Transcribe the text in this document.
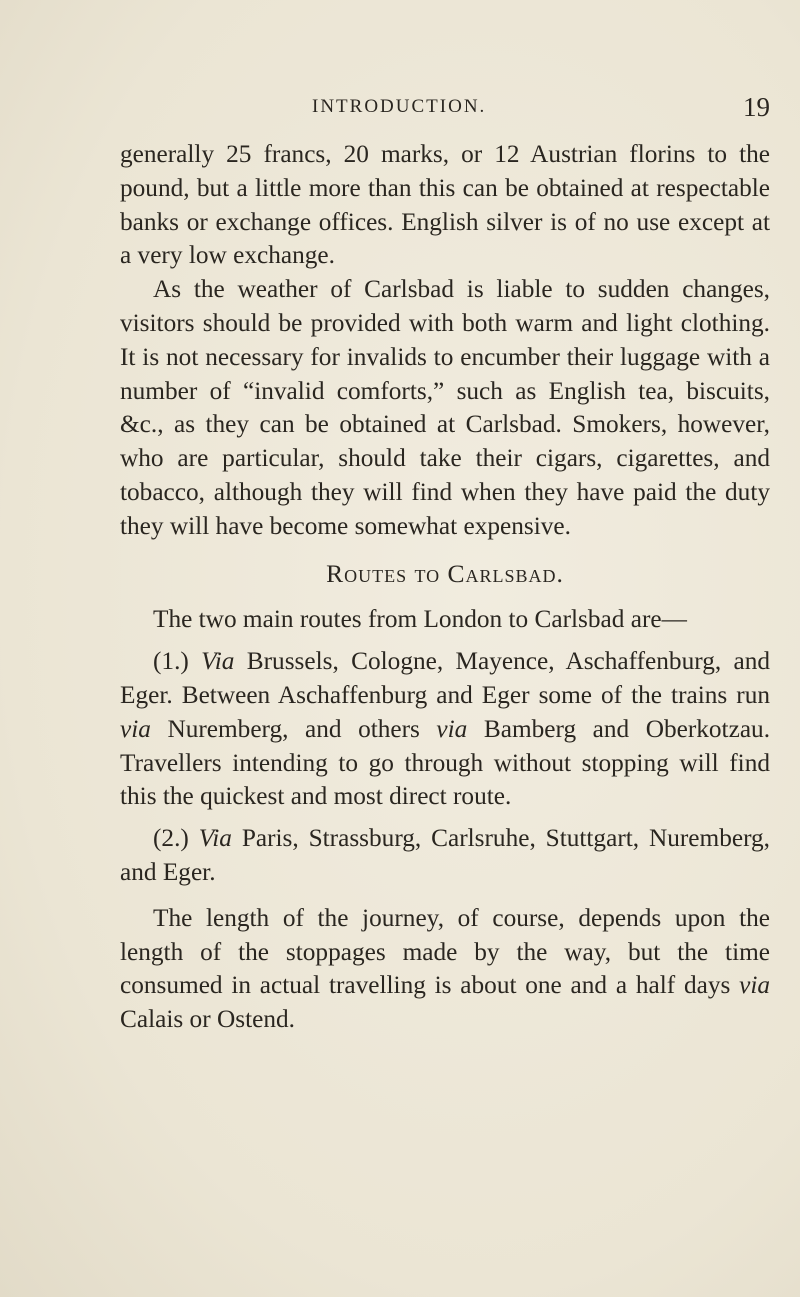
INTRODUCTION.	19

generally 25 francs, 20 marks, or 12 Austrian florins to the pound, but a little more than this can be obtained at respectable banks or exchange offices. English silver is of no use except at a very low exchange.

As the weather of Carlsbad is liable to sudden changes, visitors should be provided with both warm and light clothing. It is not necessary for invalids to encumber their luggage with a number of “invalid comforts,” such as English tea, biscuits, &c., as they can be obtained at Carlsbad. Smokers, however, who are particular, should take their cigars, cigarettes, and tobacco, although they will find when they have paid the duty they will have become somewhat expensive.

Routes to Carlsbad.

The two main routes from London to Carlsbad are—

(1.) Via Brussels, Cologne, Mayence, Aschaffenburg, and Eger. Between Aschaffenburg and Eger some of the trains run via Nuremberg, and others via Bamberg and Oberkotzau. Travellers intending to go through without stopping will find this the quickest and most direct route.

(2.) Via Paris, Strassburg, Carlsruhe, Stuttgart, Nuremberg, and Eger.

The length of the journey, of course, depends upon the length of the stoppages made by the way, but the time consumed in actual travelling is about one and a half days via Calais or Ostend.
